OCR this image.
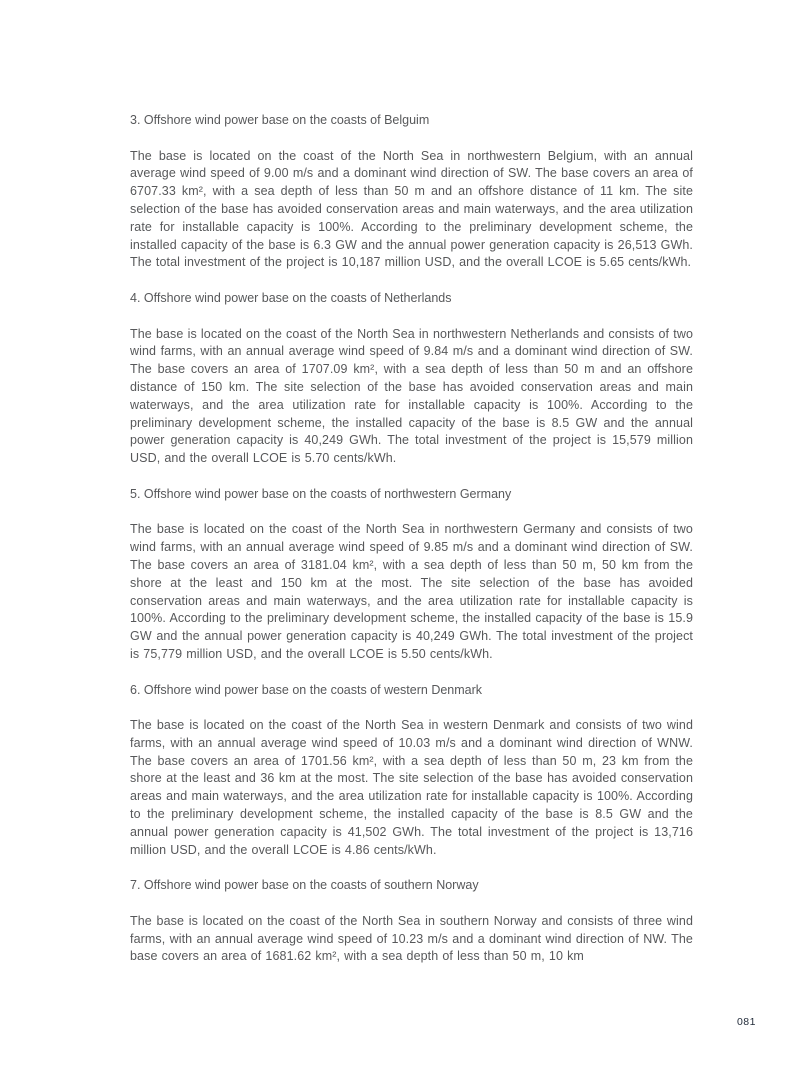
3. Offshore wind power base on the coasts of Belguim

The base is located on the coast of the North Sea in northwestern Belgium, with an annual average wind speed of 9.00 m/s and a dominant wind direction of SW. The base covers an area of 6707.33 km², with a sea depth of less than 50 m and an offshore distance of 11 km. The site selection of the base has avoided conservation areas and main waterways, and the area utilization rate for installable capacity is 100%. According to the preliminary development scheme, the installed capacity of the base is 6.3 GW and the annual power generation capacity is 26,513 GWh. The total investment of the project is 10,187 million USD, and the overall LCOE is 5.65 cents/kWh.

4. Offshore wind power base on the coasts of Netherlands

The base is located on the coast of the North Sea in northwestern Netherlands and consists of two wind farms, with an annual average wind speed of 9.84 m/s and a dominant wind direction of SW. The base covers an area of 1707.09 km², with a sea depth of less than 50 m and an offshore distance of 150 km. The site selection of the base has avoided conservation areas and main waterways, and the area utilization rate for installable capacity is 100%. According to the preliminary development scheme, the installed capacity of the base is 8.5 GW and the annual power generation capacity is 40,249 GWh. The total investment of the project is 15,579 million USD, and the overall LCOE is 5.70 cents/kWh.

5. Offshore wind power base on the coasts of northwestern Germany

The base is located on the coast of the North Sea in northwestern Germany and consists of two wind farms, with an annual average wind speed of 9.85 m/s and a dominant wind direction of SW. The base covers an area of 3181.04 km², with a sea depth of less than 50 m, 50 km from the shore at the least and 150 km at the most. The site selection of the base has avoided conservation areas and main waterways, and the area utilization rate for installable capacity is 100%. According to the preliminary development scheme, the installed capacity of the base is 15.9 GW and the annual power generation capacity is 40,249 GWh. The total investment of the project is 75,779 million USD, and the overall LCOE is 5.50 cents/kWh.

6. Offshore wind power base on the coasts of western Denmark

The base is located on the coast of the North Sea in western Denmark and consists of two wind farms, with an annual average wind speed of 10.03 m/s and a dominant wind direction of WNW. The base covers an area of 1701.56 km², with a sea depth of less than 50 m, 23 km from the shore at the least and 36 km at the most. The site selection of the base has avoided conservation areas and main waterways, and the area utilization rate for installable capacity is 100%. According to the preliminary development scheme, the installed capacity of the base is 8.5 GW and the annual power generation capacity is 41,502 GWh. The total investment of the project is 13,716 million USD, and the overall LCOE is 4.86 cents/kWh.

7. Offshore wind power base on the coasts of southern Norway

The base is located on the coast of the North Sea in southern Norway and consists of three wind farms, with an annual average wind speed of 10.23 m/s and a dominant wind direction of NW. The base covers an area of 1681.62 km², with a sea depth of less than 50 m, 10 km

081
